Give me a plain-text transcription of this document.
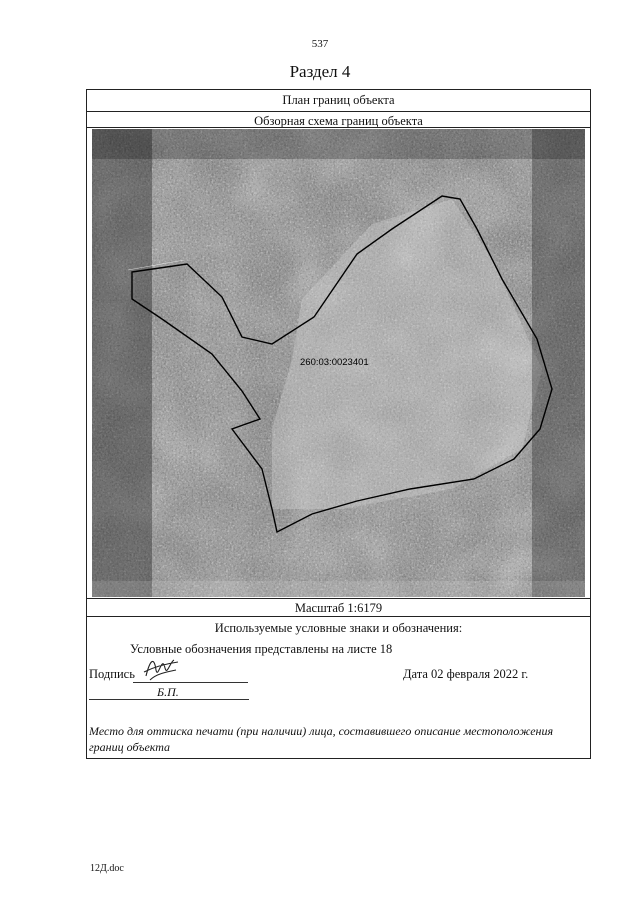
537
Раздел 4
План границ объекта
Обзорная схема границ объекта
260:03:0023401
Масштаб 1:6179
Используемые условные знаки и обозначения:
Условные обозначения представлены на листе 18
Подпись
Б.П.
Дата 02 февраля 2022 г.
Место для оттиска печати (при наличии) лица, составившего описание местоположения границ объекта
12Д.doc
